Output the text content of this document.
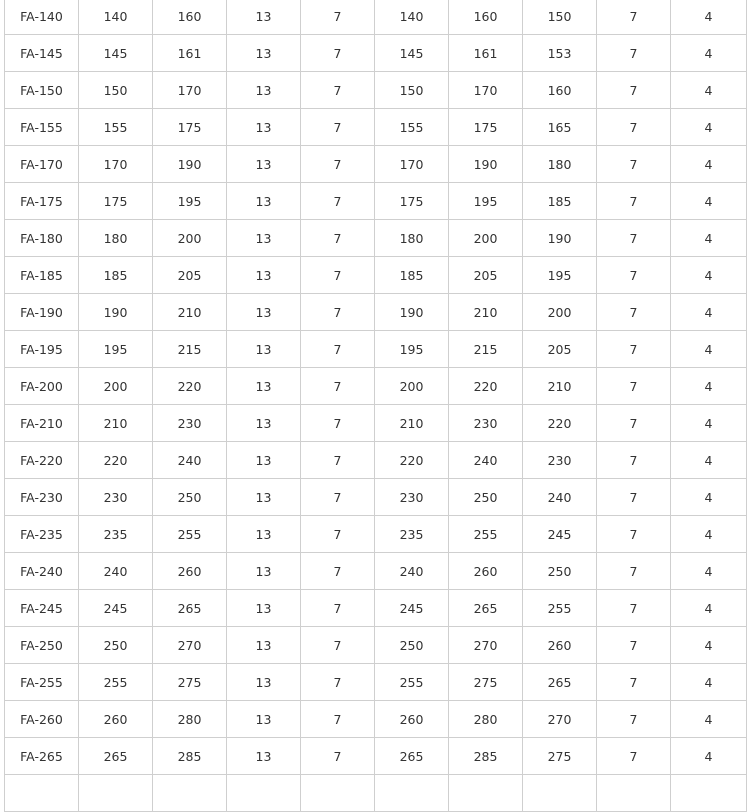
FA-140	140	160	13	7	140	160	150	7	4
FA-145	145	161	13	7	145	161	153	7	4
FA-150	150	170	13	7	150	170	160	7	4
FA-155	155	175	13	7	155	175	165	7	4
FA-170	170	190	13	7	170	190	180	7	4
FA-175	175	195	13	7	175	195	185	7	4
FA-180	180	200	13	7	180	200	190	7	4
FA-185	185	205	13	7	185	205	195	7	4
FA-190	190	210	13	7	190	210	200	7	4
FA-195	195	215	13	7	195	215	205	7	4
FA-200	200	220	13	7	200	220	210	7	4
FA-210	210	230	13	7	210	230	220	7	4
FA-220	220	240	13	7	220	240	230	7	4
FA-230	230	250	13	7	230	250	240	7	4
FA-235	235	255	13	7	235	255	245	7	4
FA-240	240	260	13	7	240	260	250	7	4
FA-245	245	265	13	7	245	265	255	7	4
FA-250	250	270	13	7	250	270	260	7	4
FA-255	255	275	13	7	255	275	265	7	4
FA-260	260	280	13	7	260	280	270	7	4
FA-265	265	285	13	7	265	285	275	7	4
